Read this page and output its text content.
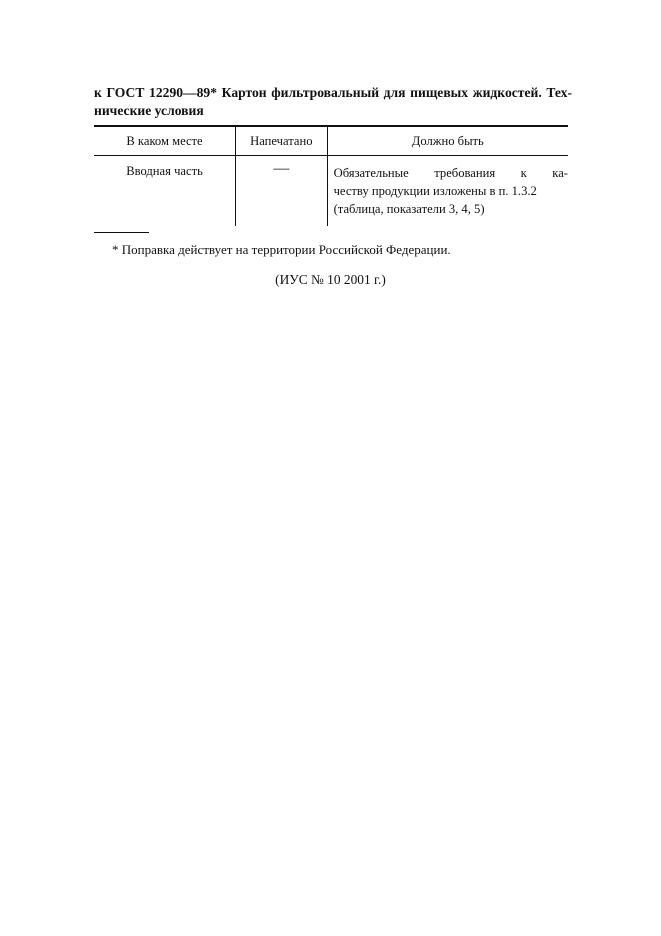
к ГОСТ 12290—89* Картон фильтровальный для пищевых жидкостей. Тех-
нические условия
В каком месте	Напечатано	Должно быть
Вводная часть	—	Обязательные требования к ка-
честву продукции изложены в п. 1.3.2
(таблица, показатели 3, 4, 5)
* Поправка действует на территории Российской Федерации.
(ИУС № 10 2001 г.)
